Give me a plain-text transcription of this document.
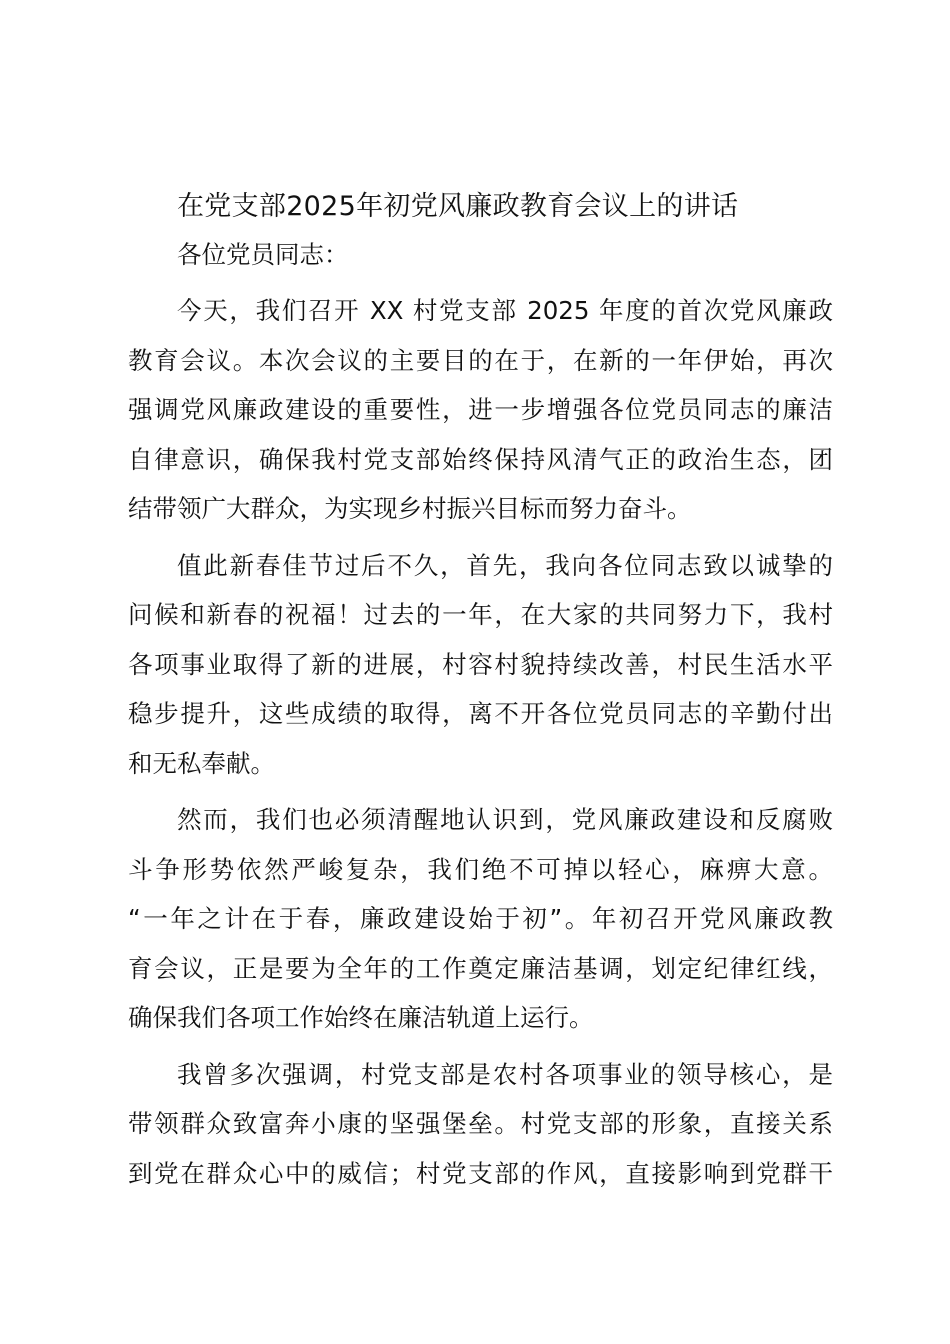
在党支部2025年初党风廉政教育会议上的讲话

各位党员同志：

今天，我们召开 XX 村党支部 2025 年度的首次党风廉政
教育会议。本次会议的主要目的在于，在新的一年伊始，再次
强调党风廉政建设的重要性，进一步增强各位党员同志的廉洁
自律意识，确保我村党支部始终保持风清气正的政治生态，团
结带领广大群众，为实现乡村振兴目标而努力奋斗。
值此新春佳节过后不久，首先，我向各位同志致以诚挚的
问候和新春的祝福！过去的一年，在大家的共同努力下，我村
各项事业取得了新的进展，村容村貌持续改善，村民生活水平
稳步提升，这些成绩的取得，离不开各位党员同志的辛勤付出
和无私奉献。
然而，我们也必须清醒地认识到，党风廉政建设和反腐败
斗争形势依然严峻复杂，我们绝不可掉以轻心，麻痹大意。
“一年之计在于春，廉政建设始于初”。年初召开党风廉政教
育会议，正是要为全年的工作奠定廉洁基调，划定纪律红线，
确保我们各项工作始终在廉洁轨道上运行。
我曾多次强调，村党支部是农村各项事业的领导核心，是
带领群众致富奔小康的坚强堡垒。村党支部的形象，直接关系
到党在群众心中的威信；村党支部的作风，直接影响到党群干
